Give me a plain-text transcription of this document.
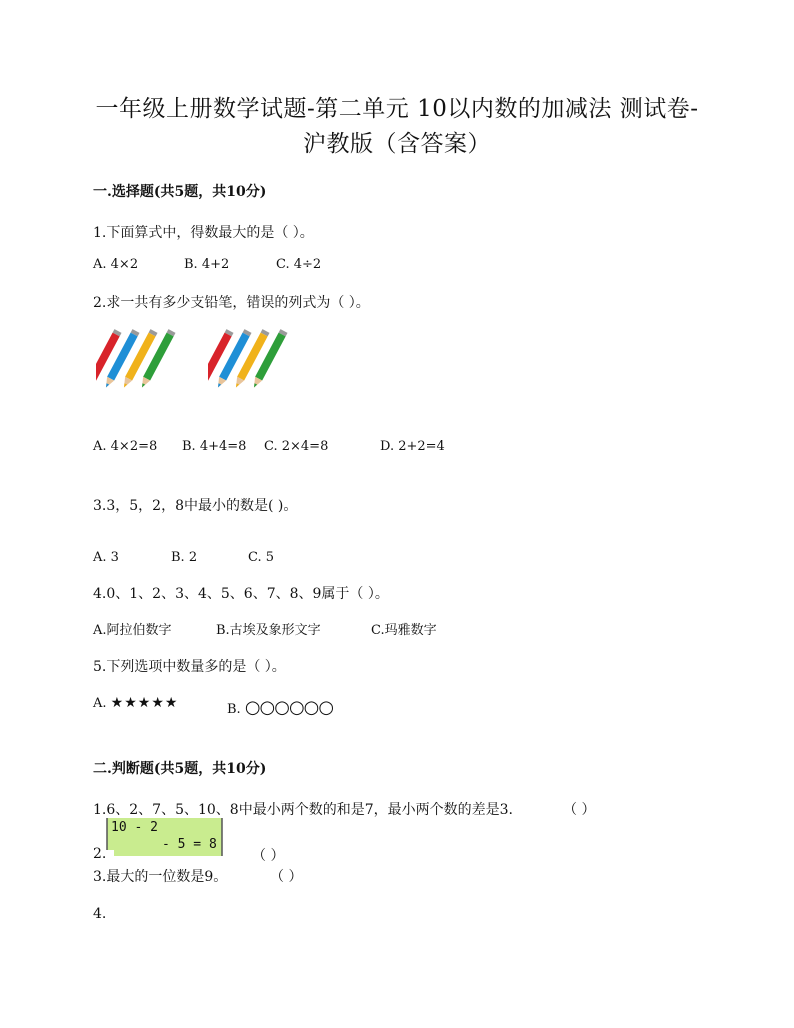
一年级上册数学试题-第二单元 10以内数的加减法 测试卷-
沪教版（含答案）
一.选择题(共5题，共10分)
1.下面算式中，得数最大的是（ ）。
A. 4×2	B. 4+2	C. 4÷2
2.求一共有多少支铅笔，错误的列式为（ ）。
A. 4×2=8 B. 4+4=8 C. 2×4=8	D. 2+2=4
3.3，5，2，8中最小的数是( )。
A. 3	B. 2	C. 5
4.0、1、2、3、4、5、6、7、8、9属于（ ）。
A.阿拉伯数字	B.古埃及象形文字	C.玛雅数字
5.下列选项中数量多的是（ ）。
A. ★★★★★	B. ○○○○○○
二.判断题(共5题，共10分)
1.6、2、7、5、10、8中最小两个数的和是7，最小两个数的差是3.	（ ）
10 - 2
- 5 = 8
2.	（ ）
3.最大的一位数是9。	（ ）
4.
